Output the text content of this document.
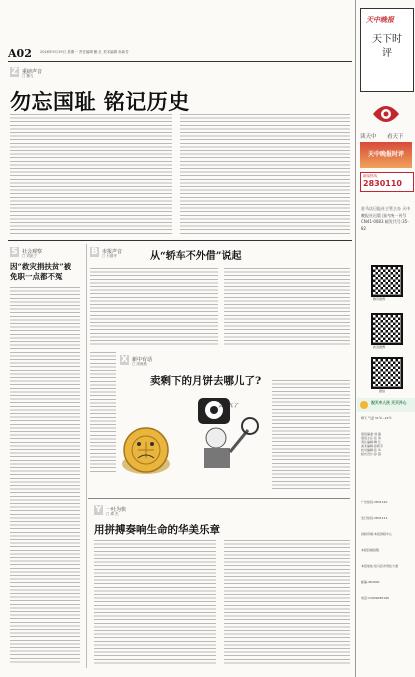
A02 2016年9月19日 星期一 责任编辑 鲍 红 美术编辑 孙新芳
Z 重磅声音
□ 魏飞
勿忘国耻 铭记历史
S 社会观察
□ 刘凯宁
因“救灾捐扶贫”被免职一点都不冤
B 市报声音
□ 石德华	从“轿车不外借”说起
X 新中有话
□ 周海燕
卖剩下的月饼去哪儿了?
去哪儿了
Y 一吐为快
□ 谭 杰
用拼搏奏响生命的华美乐章
天中晚报
天下时评
读天中 看天下
天中晚报时评
新闻热线
2830110
驻马店日报社主管主办 天中晚报社出版 国内统一刊号 CN41-0083 邮发代号:35-82
腾讯微博
新浪微博
微信
祝天中人民 天天开心
晴天 气温 31℃~22℃
值班编委:刘 磊
值班主任:张 伟
责任编辑:鲍 红
美术编辑:孙新芳
校对编辑:张 华
版式设计:孙 超
广告热线:2831120
发行热线:2831112
排版印刷:本报排版中心
本版投稿信箱
本报地址:驻马店市雪松大道
邮编:463000
电话:13939085166
